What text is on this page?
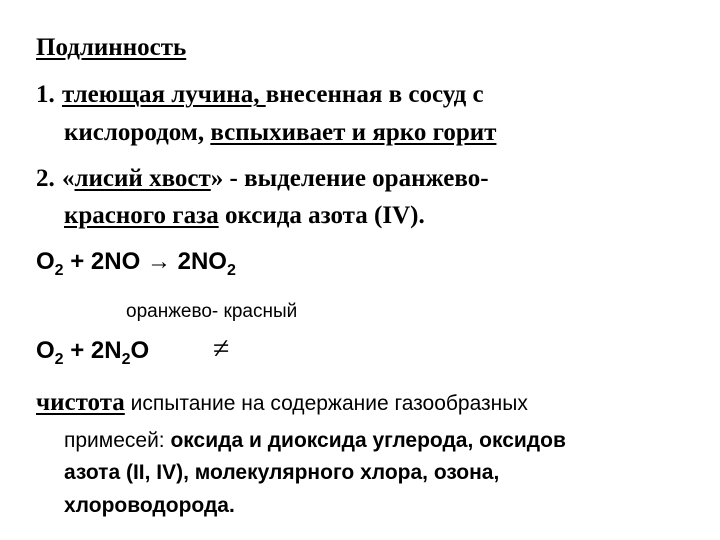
Подлинность
1. тлеющая лучина, внесенная в сосуд с
кислородом, вспыхивает и ярко горит
2. «лисий хвост» - выделение оранжево-
красного газа оксида азота (IV).
$O_2 + 2NO \to 2NO_2$
оранжево- красный
$O_2 + 2N_2O$ ≠
чистота испытание на содержание газообразных
примесей: оксида и диоксида углерода, оксидов
азота (II, IV), молекулярного хлора, озона,
хлороводорода.
